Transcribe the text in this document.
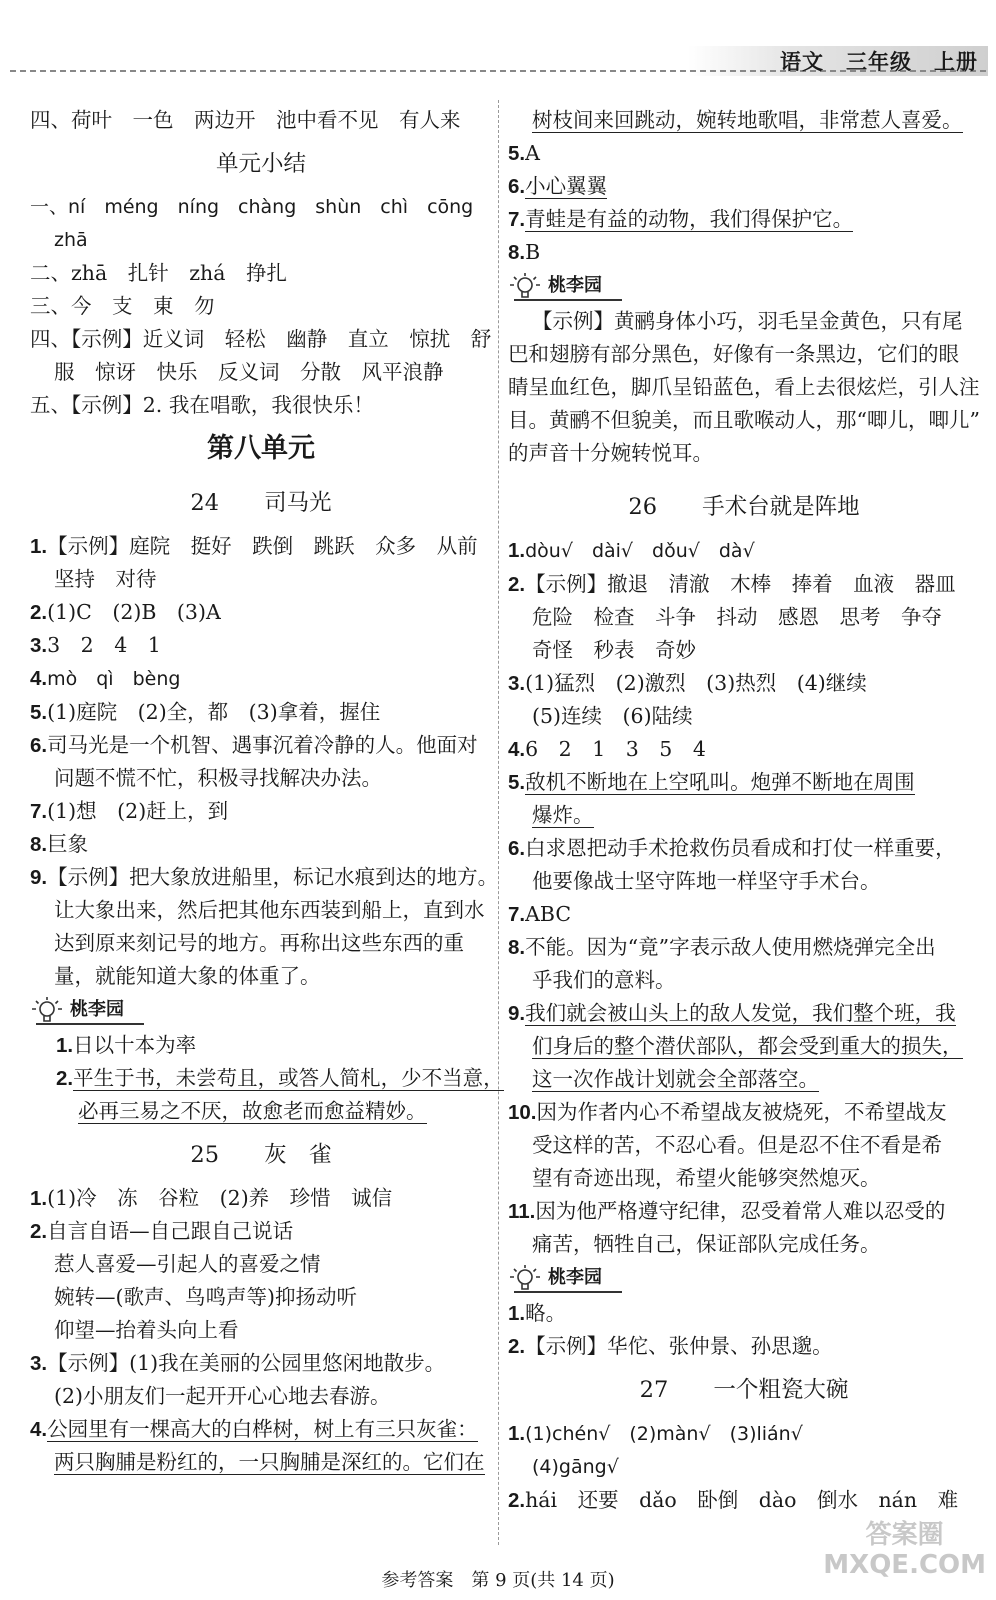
语文 三年级 上册
四、荷叶　一色　两边开　池中看不见　有人来
单元小结
一、ní　méng　níng　chàng　shùn　chì　cōng
zhā
二、zhā　扎针　zhá　挣扎
三、今　支　東　勿
四、【示例】近义词　轻松　幽静　直立　惊扰　舒
服　惊讶　快乐　反义词　分散　风平浪静
五、【示例】2. 我在唱歌，我很快乐！
第八单元
24　　 司马光
1.【示例】庭院　挺好　跌倒　跳跃　众多　从前
坚持　对待
2.(1)C　(2)B　(3)A
3.3　2　4　1
4.mò　qì　bèng
5.(1)庭院　(2)全，都　(3)拿着，握住
6.司马光是一个机智、遇事沉着冷静的人。他面对
问题不慌不忙，积极寻找解决办法。
7.(1)想　(2)赶上，到
8.巨象
9.【示例】把大象放进船里，标记水痕到达的地方。
让大象出来，然后把其他东西装到船上，直到水
达到原来刻记号的地方。再称出这些东西的重
量，就能知道大象的体重了。
桃李园
1.日以十本为率
2.平生于书，未尝苟且，或答人简札，少不当意，
必再三易之不厌，故愈老而愈益精妙。
25　　 灰　雀
1.(1)冷　冻　谷粒　(2)养　珍惜　诚信
2.自言自语—自己跟自己说话
惹人喜爱—引起人的喜爱之情
婉转—(歌声、鸟鸣声等)抑扬动听
仰望—抬着头向上看
3.【示例】(1)我在美丽的公园里悠闲地散步。
(2)小朋友们一起开开心心地去春游。
4.公园里有一棵高大的白桦树，树上有三只灰雀：
两只胸脯是粉红的，一只胸脯是深红的。它们在
树枝间来回跳动，婉转地歌唱，非常惹人喜爱。
5.A
6.小心翼翼
7.青蛙是有益的动物，我们得保护它。
8.B
桃李园
【示例】黄鹂身体小巧，羽毛呈金黄色，只有尾
巴和翅膀有部分黑色，好像有一条黑边，它们的眼
睛呈血红色，脚爪呈铅蓝色，看上去很炫烂，引人注
目。黄鹂不但貌美，而且歌喉动人，那“唧儿，唧儿”
的声音十分婉转悦耳。
26　　 手术台就是阵地
1.dòu√　dài√　dǒu√　dà√
2.【示例】撤退　清澈　木棒　捧着　血液　器皿
危险　检查　斗争　抖动　感恩　思考　争夺
奇怪　秒表　奇妙
3.(1)猛烈　(2)激烈　(3)热烈　(4)继续
(5)连续　(6)陆续
4.6　2　1　3　5　4
5.敌机不断地在上空吼叫。炮弹不断地在周围
爆炸。
6.白求恩把动手术抢救伤员看成和打仗一样重要，
他要像战士坚守阵地一样坚守手术台。
7.ABC
8.不能。因为“竟”字表示敌人使用燃烧弹完全出
乎我们的意料。
9.我们就会被山头上的敌人发觉，我们整个班，我
们身后的整个潜伏部队，都会受到重大的损失，
这一次作战计划就会全部落空。
10.因为作者内心不希望战友被烧死，不希望战友
受这样的苦，不忍心看。但是忍不住不看是希
望有奇迹出现，希望火能够突然熄灭。
11.因为他严格遵守纪律，忍受着常人难以忍受的
痛苦，牺牲自己，保证部队完成任务。
桃李园
1.略。
2.【示例】华佗、张仲景、孙思邈。
27　　 一个粗瓷大碗
1.(1)chén√　(2)màn√　(3)lián√
(4)gāng√
2.hái　还要　dǎo　卧倒　dào　倒水　nán　难
答案圈
MXQE.COM
参考答案　第 9 页(共 14 页)
